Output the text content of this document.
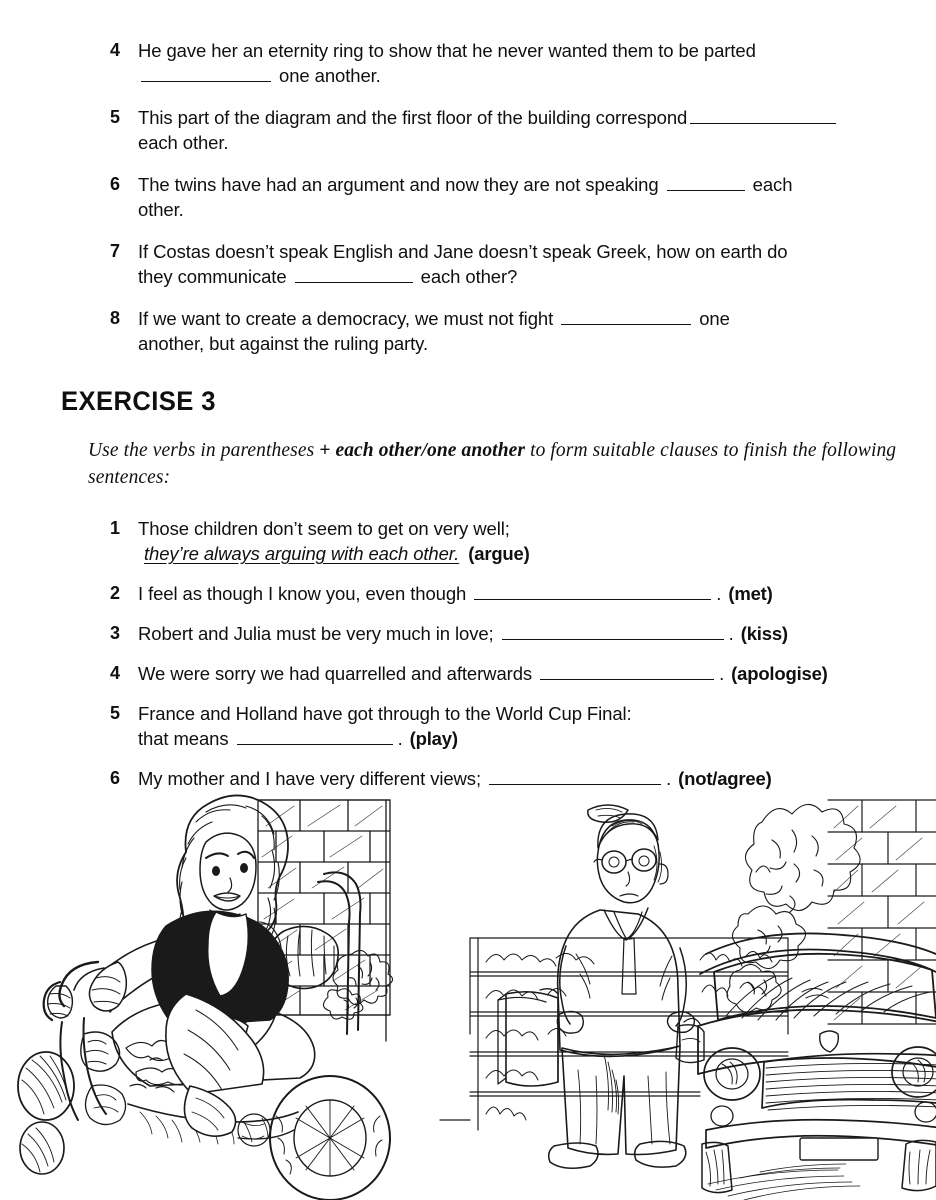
4 He gave her an eternity ring to show that he never wanted them to be parted
one another.
5 This part of the diagram and the first floor of the building correspond
each other.
6 The twins have had an argument and now they are not speaking	each
other.
7 If Costas doesn’t speak English and Jane doesn’t speak Greek, how on earth do
they communicate	each other?
8 If we want to create a democracy, we must not fight	one
another, but against the ruling party.
EXERCISE 3
Use the verbs in parentheses + each other/one another to form suitable clauses to finish the following sentences:
1 Those children don’t seem to get on very well;
they’re always arguing with each other. (argue)
2 I feel as though I know you, even though	. (met)
3 Robert and Julia must be very much in love;	. (kiss)
4 We were sorry we had quarrelled and afterwards	. (apologise)
5 France and Holland have got through to the World Cup Final:
that means	. (play)
6 My mother and I have very different views;	. (not/agree)
